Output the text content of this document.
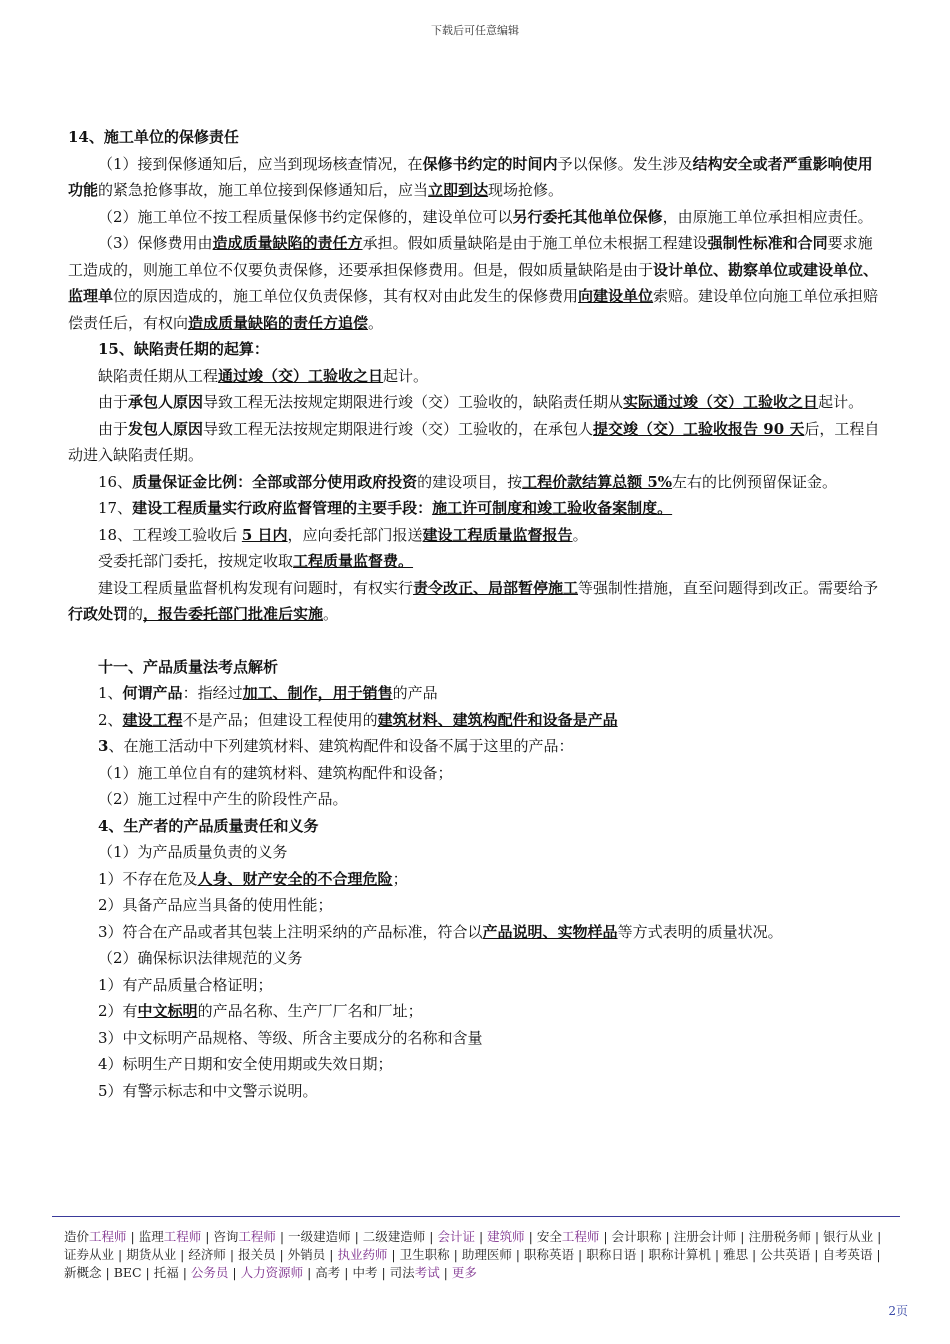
下载后可任意编辑

14、施工单位的保修责任

（1）接到保修通知后，应当到现场核查情况，在保修书约定的时间内予以保修。发生涉及结构安全或者严重影响使用功能的紧急抢修事故，施工单位接到保修通知后，应当立即到达现场抢修。

（2）施工单位不按工程质量保修书约定保修的，建设单位可以另行委托其他单位保修，由原施工单位承担相应责任。

（3）保修费用由造成质量缺陷的责任方承担。假如质量缺陷是由于施工单位未根据工程建设强制性标准和合同要求施工造成的，则施工单位不仅要负责保修，还要承担保修费用。但是，假如质量缺陷是由于设计单位、勘察单位或建设单位、监理单位的原因造成的，施工单位仅负责保修，其有权对由此发生的保修费用向建设单位索赔。建设单位向施工单位承担赔偿责任后，有权向造成质量缺陷的责任方追偿。

15、缺陷责任期的起算：

缺陷责任期从工程通过竣（交）工验收之日起计。

由于承包人原因导致工程无法按规定期限进行竣（交）工验收的，缺陷责任期从实际通过竣（交）工验收之日起计。

由于发包人原因导致工程无法按规定期限进行竣（交）工验收的，在承包人提交竣（交）工验收报告 90 天后，工程自动进入缺陷责任期。

16、质量保证金比例：全部或部分使用政府投资的建设项目，按工程价款结算总额 5%左右的比例预留保证金。

17、建设工程质量实行政府监督管理的主要手段：施工许可制度和竣工验收备案制度。

18、工程竣工验收后 5 日内，应向委托部门报送建设工程质量监督报告。

受委托部门委托，按规定收取工程质量监督费。

建设工程质量监督机构发现有问题时，有权实行责令改正、局部暂停施工等强制性措施，直至问题得到改正。需要给予行政处罚的，报告委托部门批准后实施。

十一、产品质量法考点解析

1、何谓产品：指经过加工、制作，用于销售的产品

2、建设工程不是产品；但建设工程使用的建筑材料、建筑构配件和设备是产品

3、在施工活动中下列建筑材料、建筑构配件和设备不属于这里的产品：

（1）施工单位自有的建筑材料、建筑构配件和设备；

（2）施工过程中产生的阶段性产品。

4、生产者的产品质量责任和义务

（1）为产品质量负责的义务

1）不存在危及人身、财产安全的不合理危险；

2）具备产品应当具备的使用性能；

3）符合在产品或者其包装上注明采纳的产品标准，符合以产品说明、实物样品等方式表明的质量状况。

（2）确保标识法律规范的义务

1）有产品质量合格证明；

2）有中文标明的产品名称、生产厂厂名和厂址；

3）中文标明产品规格、等级、所含主要成分的名称和含量

4）标明生产日期和安全使用期或失效日期；

5）有警示标志和中文警示说明。

造价工程师 | 监理工程师 | 咨询工程师 | 一级建造师 | 二级建造师 | 会计证 | 建筑师 | 安全工程师 | 会计职称 | 注册会计师 | 注册税务师 | 银行从业 | 证券从业 | 期货从业 | 经济师 | 报关员 | 外销员 | 执业药师 | 卫生职称 | 助理医师 | 职称英语 | 职称日语 | 职称计算机 | 雅思 | 公共英语 | 自考英语 | 新概念 | BEC | 托福 | 公务员 | 人力资源师 | 高考 | 中考 | 司法考试 | 更多
2页
